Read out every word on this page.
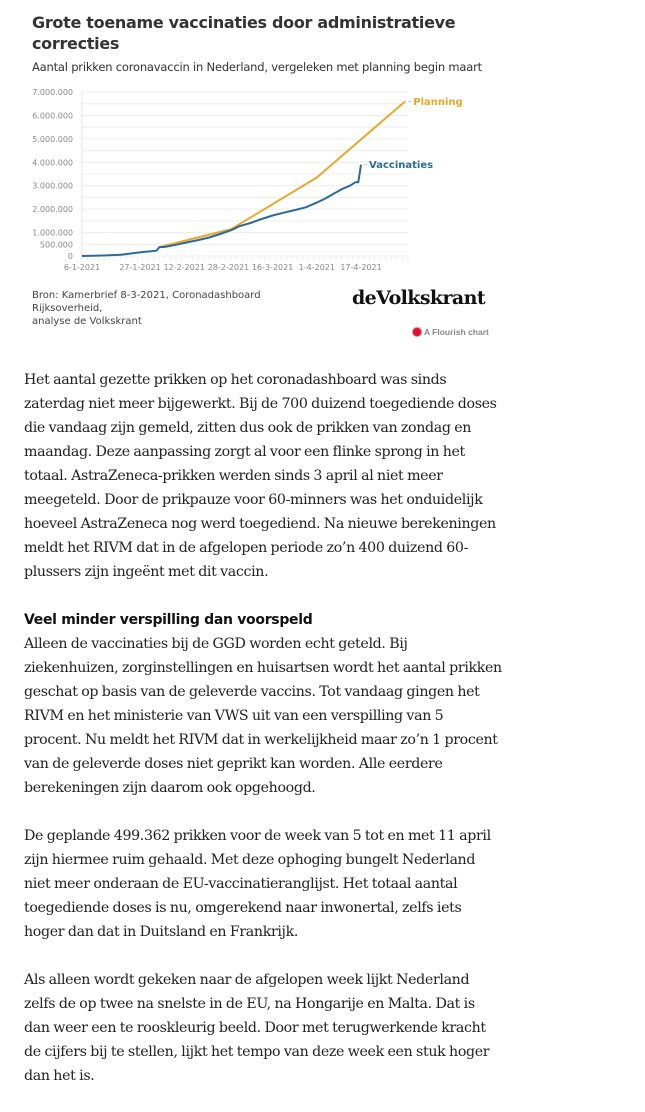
Grote toename vaccinaties door administratieve correcties
Aantal prikken coronavaccin in Nederland, vergeleken met planning begin maart
0
500.000
1.000.000
2.000.000
3.000.000
4.000.000
5.000.000
6.000.000
7.000.000
6-1-2021 27-1-2021 12-2-2021 28-2-2021 16-3-2021 1-4-2021 17-4-2021
Planning
Vaccinaties
Bron: Kamerbrief 8-3-2021, Coronadashboard Rijksoverheid,
analyse de Volkskrant
deVolkskrant
A Flourish chart

Het aantal gezette prikken op het coronadashboard was sinds zaterdag niet meer bijgewerkt. Bij de 700 duizend toegediende doses die vandaag zijn gemeld, zitten dus ook de prikken van zondag en maandag. Deze aanpassing zorgt al voor een flinke sprong in het totaal. AstraZeneca-prikken werden sinds 3 april al niet meer meegeteld. Door de prikpauze voor 60-minners was het onduidelijk hoeveel AstraZeneca nog werd toegediend. Na nieuwe berekeningen meldt het RIVM dat in de afgelopen periode zo’n 400 duizend 60-plussers zijn ingeënt met dit vaccin.

Veel minder verspilling dan voorspeld

Alleen de vaccinaties bij de GGD worden echt geteld. Bij ziekenhuizen, zorginstellingen en huisartsen wordt het aantal prikken geschat op basis van de geleverde vaccins. Tot vandaag gingen het RIVM en het ministerie van VWS uit van een verspilling van 5 procent. Nu meldt het RIVM dat in werkelijkheid maar zo’n 1 procent van de geleverde doses niet geprikt kan worden. Alle eerdere berekeningen zijn daarom ook opgehoogd.

De geplande 499.362 prikken voor de week van 5 tot en met 11 april zijn hiermee ruim gehaald. Met deze ophoging bungelt Nederland niet meer onderaan de EU-vaccinatieranglijst. Het totaal aantal toegediende doses is nu, omgerekend naar inwonertal, zelfs iets hoger dan dat in Duitsland en Frankrijk.

Als alleen wordt gekeken naar de afgelopen week lijkt Nederland zelfs de op twee na snelste in de EU, na Hongarije en Malta. Dat is dan weer een te rooskleurig beeld. Door met terugwerkende kracht de cijfers bij te stellen, lijkt het tempo van deze week een stuk hoger dan het is.
